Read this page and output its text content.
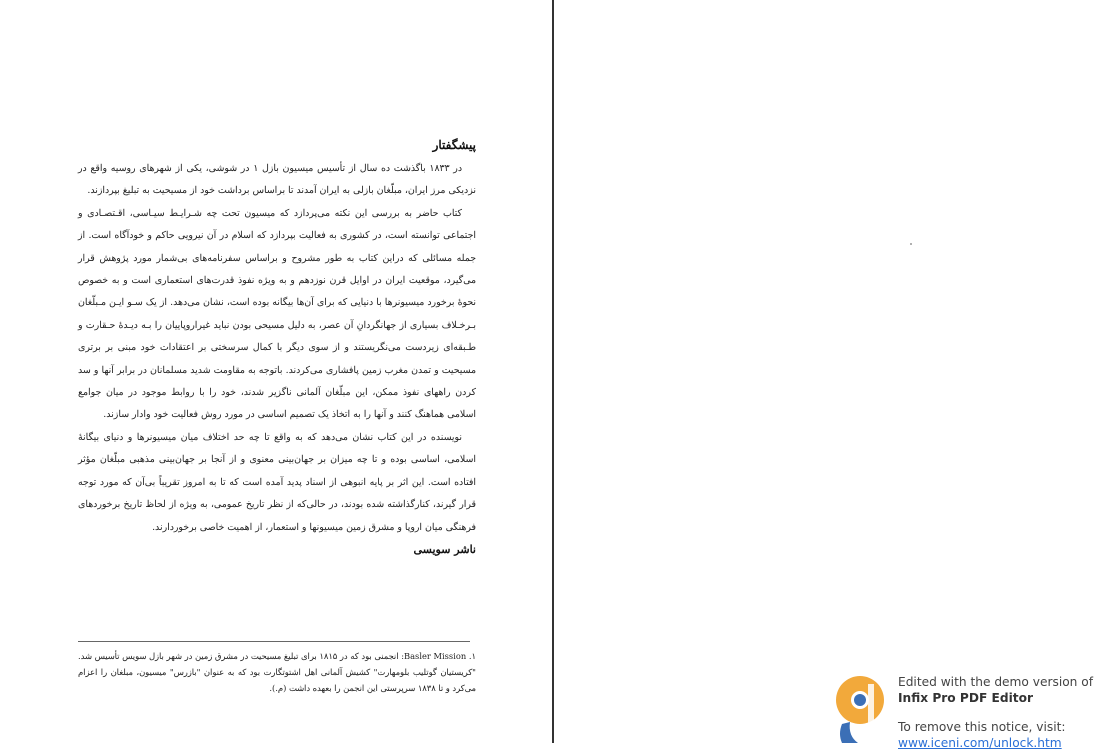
پیشگفتار

در ۱۸۳۳ باگذشت ده سال از تأسیس میسیون بازل ۱ در شوشی، یکی از شهرهای روسیه واقع در نزدیکی مرز ایران، مبلّغان بازلی به ایران آمدند تا براساس برداشت خود از مسیحیت به تبلیغ بپردازند.

کتاب حاضر به بررسی این نکته می‌پردازد که میسیون تحت چه شـرایـط سیـاسی، اقـتصـادی و اجتماعی توانسته است، در کشوری به فعالیت بپردازد که اسلام در آن نیرویی حاکم و خودآگاه است. از جمله مسائلی که دراین کتاب به طور مشروح و براساس سفرنامه‌های بی‌شمار مورد پژوهش قرار می‌گیرد، موقعیت ایران در اوایل قرن نوزدهم و به ویژه نفوذ قدرت‌های استعماری است و به خصوص نحوهٔ برخورد میسیونرها با دنیایی که برای آن‌ها بیگانه بوده است، نشان می‌دهد. از یک سـو ایـن مـبلّغان بـرخـلاف بسیاری از جهانگردانِ آن عصر، به دلیل مسیحی بودن نباید غیراروپاییان را بـه دیـدهٔ حـقارت و طـبقه‌ای زیردست می‌نگریستند و از سوی دیگر با کمال سرسختی بر اعتقادات خود مبنی بر برتری مسیحیت و تمدن مغرب زمین پافشاری می‌کردند. باتوجه به مقاومت شدید مسلمانان در برابر آنها و سد کردن راههای نفوذ ممکن، این مبلّغان آلمانی ناگزیر شدند، خود را با روابط موجود در میان جوامع اسلامی هماهنگ کنند و آنها را به اتخاذ یک تصمیم اساسی در مورد روش فعالیت خود وادار سازند.

نویسنده در این کتاب نشان می‌دهد که به واقع تا چه حد اختلاف میان میسیونرها و دنیای بیگانهٔ اسلامی، اساسی بوده و تا چه میزان بر جهان‌بینی معنوی و از آنجا بر جهان‌بینی مذهبی مبلّغان مؤثر افتاده است. این اثر بر پایه انبوهی از اسناد پدید آمده است که تا به امروز تقریباً بی‌آن که مورد توجه قرار گیرند، کنارگذاشته شده بودند، در حالی‌که از نظر تاریخ عمومی، به ویژه از لحاظ تاریخ برخوردهای فرهنگی میان اروپا و مشرق زمین میسیونها و استعمار، از اهمیت خاصی برخوردارند.

ناشر سویسی
۱. Basler Mission: انجمنی بود که در ۱۸۱۵ برای تبلیغ مسیحیت در مشرق زمین در شهر بازل سویس تأسیس شد. "کریستیان گوتلیب بلومهارت" کشیش آلمانی اهل اشتوتگارت بود که به عنوان "بازرس" میسیون، مبلغان را اعزام می‌کرد و تا ۱۸۳۸ سرپرستی این انجمن را بعهده داشت (م.).	Edited with the demo version of
Infix Pro PDF Editor
To remove this notice, visit:
www.iceni.com/unlock.htm
